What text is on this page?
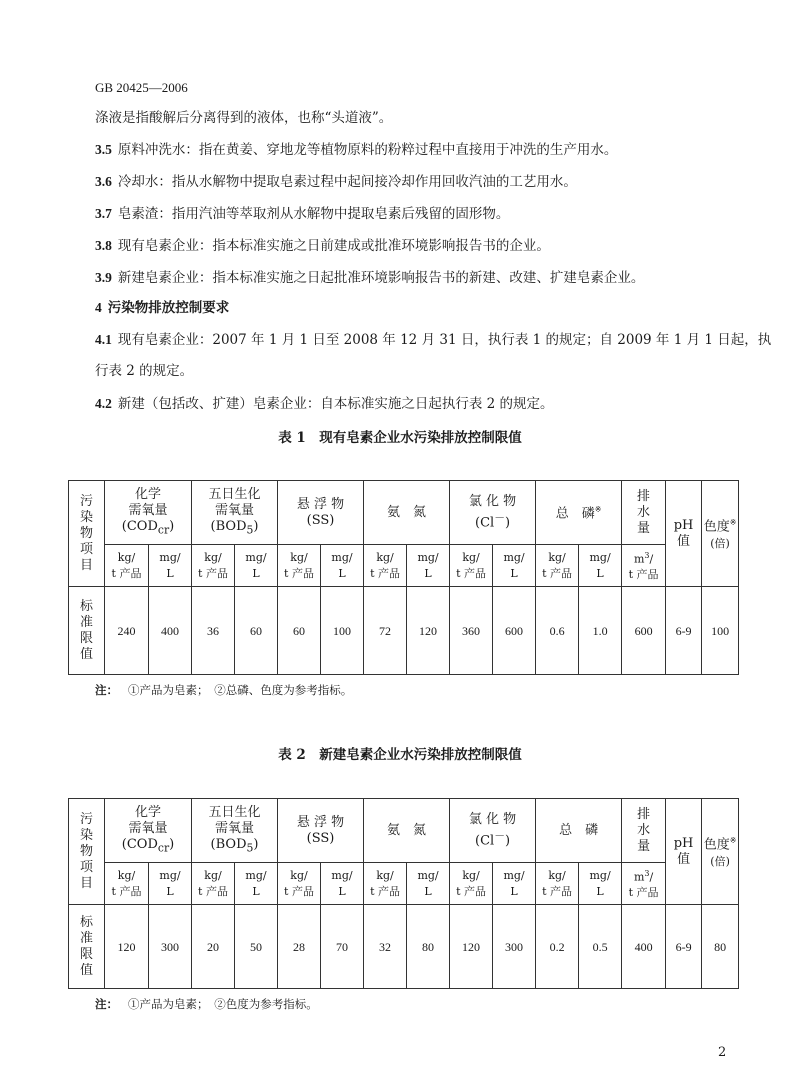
GB 20425—2006
涤液是指酸解后分离得到的液体，也称“头道液”。
3.5 原料冲洗水：指在黄姜、穿地龙等植物原料的粉粹过程中直接用于冲洗的生产用水。
3.6 冷却水：指从水解物中提取皂素过程中起间接冷却作用回收汽油的工艺用水。
3.7 皂素渣：指用汽油等萃取剂从水解物中提取皂素后残留的固形物。
3.8 现有皂素企业：指本标准实施之日前建成或批准环境影响报告书的企业。
3.9 新建皂素企业：指本标准实施之日起批准环境影响报告书的新建、改建、扩建皂素企业。
4 污染物排放控制要求
4.1 现有皂素企业：2007 年 1 月 1 日至 2008 年 12 月 31 日，执行表 1 的规定；自 2009 年 1 月 1 日起，执
行表 2 的规定。
4.2 新建（包括改、扩建）皂素企业：自本标准实施之日起执行表 2 的规定。
表 1　现有皂素企业水污染排放控制限值
污
染
物
项
目	化学
需氧量
$(COD_{cr})$		五日生化
需氧量
$(BOD_5)$		悬 浮 物
(SS)		氨　氮		氯 化 物
(Cl－)		总　磷※		排
水
量	pH
值	色度※
(倍)
	kg/
t 产品	mg/
L	kg/
t 产品	mg/
L	kg/
t 产品	mg/
L	kg/
t 产品	mg/
L	kg/
t 产品	mg/
L	kg/
t 产品	mg/
L	$m^3/$
t 产品		
标
准
限
值	240	400	36	60	60	100	72	120	360	600	0.6	1.0	600	6-9	100
注： ①产品为皂素；　②总磷、色度为参考指标。
表 2　新建皂素企业水污染排放控制限值
污
染
物
项
目	化学
需氧量
$(COD_{cr})$		五日生化
需氧量
$(BOD_5)$		悬 浮 物
(SS)		氨　氮		氯 化 物
(Cl－)		总　磷		排
水
量	pH
值	色度※
(倍)
	kg/
t 产品	mg/
L	kg/
t 产品	mg/
L	kg/
t 产品	mg/
L	kg/
t 产品	mg/
L	kg/
t 产品	mg/
L	kg/
t 产品	mg/
L	$m^3/$
t 产品		
标
准
限
值	120	300	20	50	28	70	32	80	120	300	0.2	0.5	400	6-9	80
注： ①产品为皂素；　②色度为参考指标。
2
